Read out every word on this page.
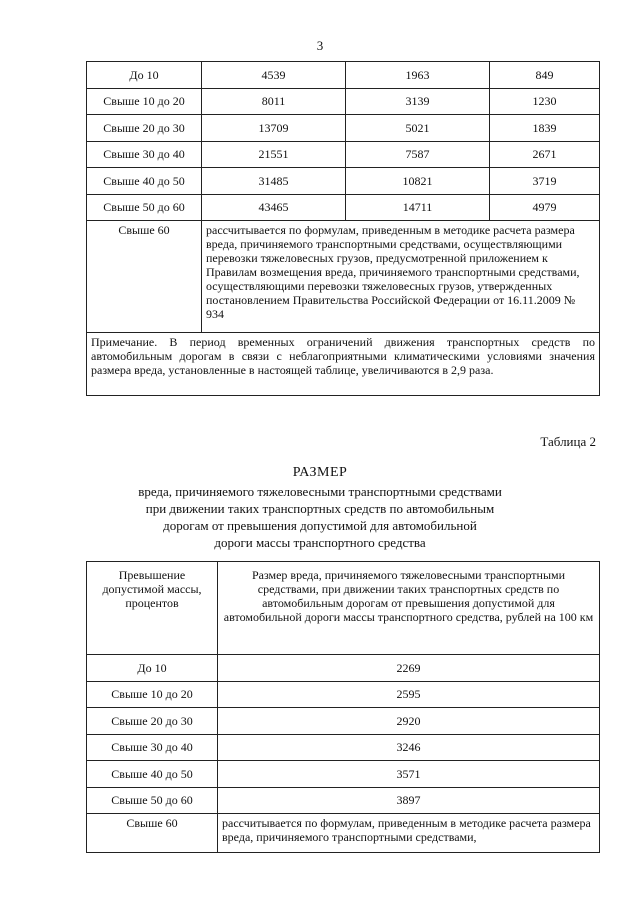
3
До 10	4539	1963	849
Свыше 10 до 20	8011	3139	1230
Свыше 20 до 30	13709	5021	1839
Свыше 30 до 40	21551	7587	2671
Свыше 40 до 50	31485	10821	3719
Свыше 50 до 60	43465	14711	4979
Свыше 60	рассчитывается по формулам, приведенным в методике расчета размера вреда, причиняемого транспортными средствами, осуществляющими перевозки тяжеловесных грузов, предусмотренной приложением к Правилам возмещения вреда, причиняемого транспортными средствами, осуществляющими перевозки тяжеловесных грузов, утвержденных постановлением Правительства Российской Федерации от 16.11.2009 № 934		
Примечание. В период временных ограничений движения транспортных средств по автомобильным дорогам в связи с неблагоприятными климатическими условиями значения размера вреда, установленные в настоящей таблице, увеличиваются в 2,9 раза.			
Таблица 2
РАЗМЕР
вреда, причиняемого тяжеловесными транспортными средствами
при движении таких транспортных средств по автомобильным
дорогам от превышения допустимой для автомобильной
дороги массы транспортного средства
Превышение допустимой массы, процентов	Размер вреда, причиняемого тяжеловесными транспортными средствами, при движении таких транспортных средств по автомобильным дорогам от превышения допустимой для автомобильной дороги массы транспортного средства, рублей на 100 км
До 10	2269
Свыше 10 до 20	2595
Свыше 20 до 30	2920
Свыше 30 до 40	3246
Свыше 40 до 50	3571
Свыше 50 до 60	3897
Свыше 60	рассчитывается по формулам, приведенным в методике расчета размера вреда, причиняемого транспортными средствами,
